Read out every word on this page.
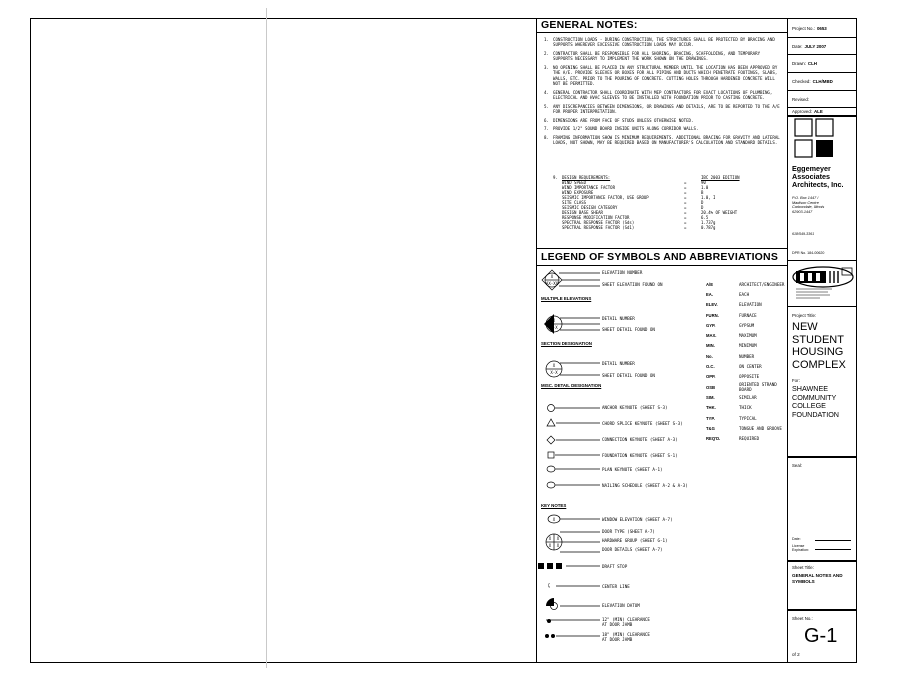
GENERAL NOTES:
1. CONSTRUCTION LOADS - DURING CONSTRUCTION, THE STRUCTURES SHALL BE PROTECTED BY BRACING AND SUPPORTS WHEREVER EXCESSIVE CONSTRUCTION LOADS MAY OCCUR.
2. CONTRACTOR SHALL BE RESPONSIBLE FOR ALL SHORING, BRACING, SCAFFOLDING, AND TEMPORARY SUPPORTS NECESSARY TO IMPLEMENT THE WORK SHOWN ON THE DRAWINGS.
3. NO OPENING SHALL BE PLACED IN ANY STRUCTURAL MEMBER UNTIL THE LOCATION HAS BEEN APPROVED BY THE A/E. PROVIDE SLEEVES OR BOXES FOR ALL PIPING AND DUCTS WHICH PENETRATE FOOTINGS, SLABS, WALLS, ETC. PRIOR TO THE POURING OF CONCRETE. CUTTING HOLES THROUGH HARDENED CONCRETE WILL NOT BE PERMITTED.
4. GENERAL CONTRACTOR SHALL COORDINATE WITH MEP CONTRACTORS FOR EXACT LOCATIONS OF PLUMBING, ELECTRICAL AND HVAC SLEEVES TO BE INSTALLED WITH FOUNDATION PRIOR TO CASTING CONCRETE.
5. ANY DISCREPANCIES BETWEEN DIMENSIONS, OR DRAWINGS AND DETAILS, ARE TO BE REPORTED TO THE A/E FOR PROPER INTERPRETATION.
6. DIMENSIONS ARE FROM FACE OF STUDS UNLESS OTHERWISE NOTED.
7. PROVIDE 1/2" SOUND BOARD INSIDE UNITS ALONG CORRIDOR WALLS.
8. FRAMING INFORMATION SHOW IS MINIMUM REQUIREMENTS. ADDITIONAL BRACING FOR GRAVITY AND LATERAL LOADS, NOT SHOWN, MAY BE REQUIRED BASED ON MANUFACTURER'S CALCULATION AND STANDARD DETAILS.
9.	DESIGN REQUIREMENTS:	IBC 2003 EDITION
WIND SPEED	=	90
WIND IMPORTANCE FACTOR	=	1.0
WIND EXPOSURE	=	B
SEISMIC IMPORTANCE FACTOR, USE GROUP	=	1.0, I
SITE CLASS	=	D
SEISMIC DESIGN CATEGORY	=	D
DESIGN BASE SHEAR	=	20.4% OF WEIGHT
RESPONSE MODIFICATION FACTOR	=	6.5
SPECTRAL RESPONSE FACTOR (Sds)	=	1.737g
SPECTRAL RESPONSE FACTOR (Sd1)	=	0.787g
LEGEND OF SYMBOLS AND ABBREVIATIONS
X
AX-XX
X
X-X
X
X-X
X
X X
X X
Ç
ELEVATION NUMBER
SHEET ELEVATION FOUND ON
MULTIPLE ELEVATIONS
DETAIL NUMBER
SHEET DETAIL FOUND ON
SECTION DESIGNATION
DETAIL NUMBER
SHEET DETAIL FOUND ON
MISC. DETAIL DESIGNATION
ANCHOR KEYNOTE (SHEET S-3)
CHORD SPLICE KEYNOTE (SHEET S-3)
CONNECTION KEYNOTE (SHEET A-3)
FOUNDATION KEYNOTE (SHEET S-1)
PLAN KEYNOTE (SHEET A-1)
NAILING SCHEDULE (SHEET A-2 & A-3)
KEY NOTES
WINDOW ELEVATION (SHEET A-7)
DOOR TYPE (SHEET A-7)
HARDWARE GROUP (SHEET G-1)
DOOR DETAILS (SHEET A-7)
DRAFT STOP
CENTER LINE
ELEVATION DATUM
12" (MIN) CLEARANCE
AT DOOR JAMB
18" (MIN) CLEARANCE
AT DOOR JAMB
A/E	ARCHITECT/ENGINEER
EA.	EACH
ELEV.	ELEVATION
FURN.	FURNACE
GYP.	GYPSUM
MAX.	MAXIMUM
MIN.	MINIMUM
No.	NUMBER
O.C.	ON CENTER
OPP.	OPPOSITE
OSB	ORIENTED STRAND BOARD
SIM.	SIMILAR
THK.	THICK
TYP.	TYPICAL
T&G	TONGUE AND GROOVE
REQ'D.	REQUIRED
Project No.: 0653
Date: JULY 2007
Drawn: CLH
Checked: CLH/MBD
Revised:
Approved: ALE
Eggemeyer
Associates
Architects, Inc.
P.O. Box 1447 /
Madison Centre
Carbondale, Illinois
62903-1447
618/549-3361
DPR No. 184-00620
Project Title:
NEW
STUDENT
HOUSING
COMPLEX
For:
SHAWNEE
COMMUNITY
COLLEGE
FOUNDATION
Seal:
Date:
License Expiration:
Sheet Title:
GENERAL NOTES AND
SYMBOLS
Sheet No.:
G-1
of 2
